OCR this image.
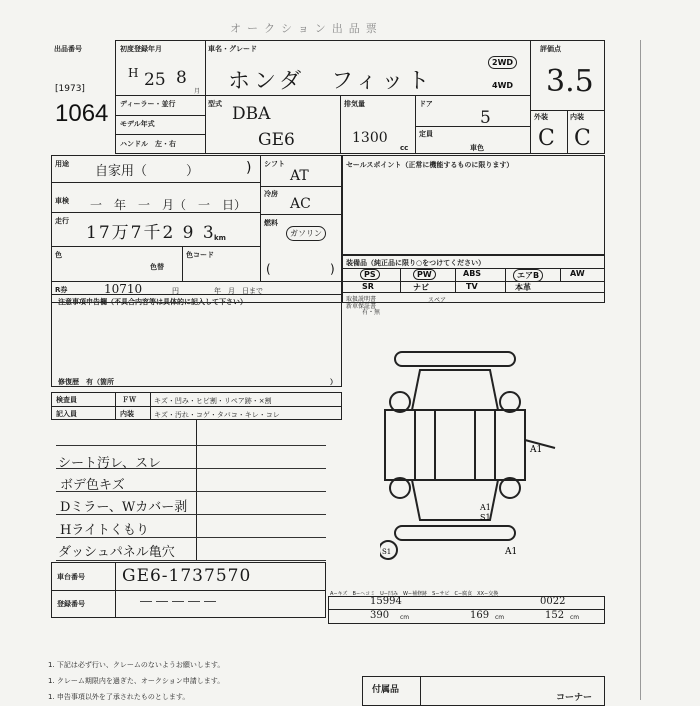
オークション出品票
[1973]
1064
出品番号	初度登録年月
H 25 8
月
車名・グレード
ホンダ　フィット
2WD
4WD
評価点
3.5
外装	内装
C C
ディーラー・並行
モデル年式
ハンドル　左・右
型式 DBA
GE6
排気量
1300
cc
ドア
5
定員
車色
用途 自家用（　　　）	)
車検 一　年　一　月（　一　日）
走行
17万7千2 9 3
km
色
色替
色コード
R券	10710	円	年　月　日まで
シフト
AT
冷房
AC
燃料
ガソリン
(	)
セールスポイント（正常に機能するものに限ります）
装備品（純正品に限り○をつけてください）
PS	PW	ABS	エアB	AW
SR	ナビ	TV	本革
取扱説明書
新車保証書
有・無
スペア
注意事項申告欄（不具合内容等は具体的に記入して下さい）
修復歴　有（箇所	）
検査員	ＦＷ	キズ・凹み・ヒビ割・リペア跡・×割
記入員	内装	キズ・汚れ・コゲ・タバコ・キレ・コレ
シート汚レ、スレ
ボデ色キズ
Dミラー、Wカバー剥
Hライトくもり
ダッシュパネル亀穴
車台番号 GE6-1737570
登録番号	―――――
A1
A1
S1
A1
S1
A−キズ　B−ヘコミ　U−凹み　W−補修跡　S−サビ　C−腐食　XX−交換
15994	0022
390 cm	169 cm	152 cm
1. 下記は必ず行い、クレームのないようお願いします。
1. クレーム期限内を過ぎた、オークション申請します。
1. 申告事項以外を了承されたものとします。
付属品
コーナー
